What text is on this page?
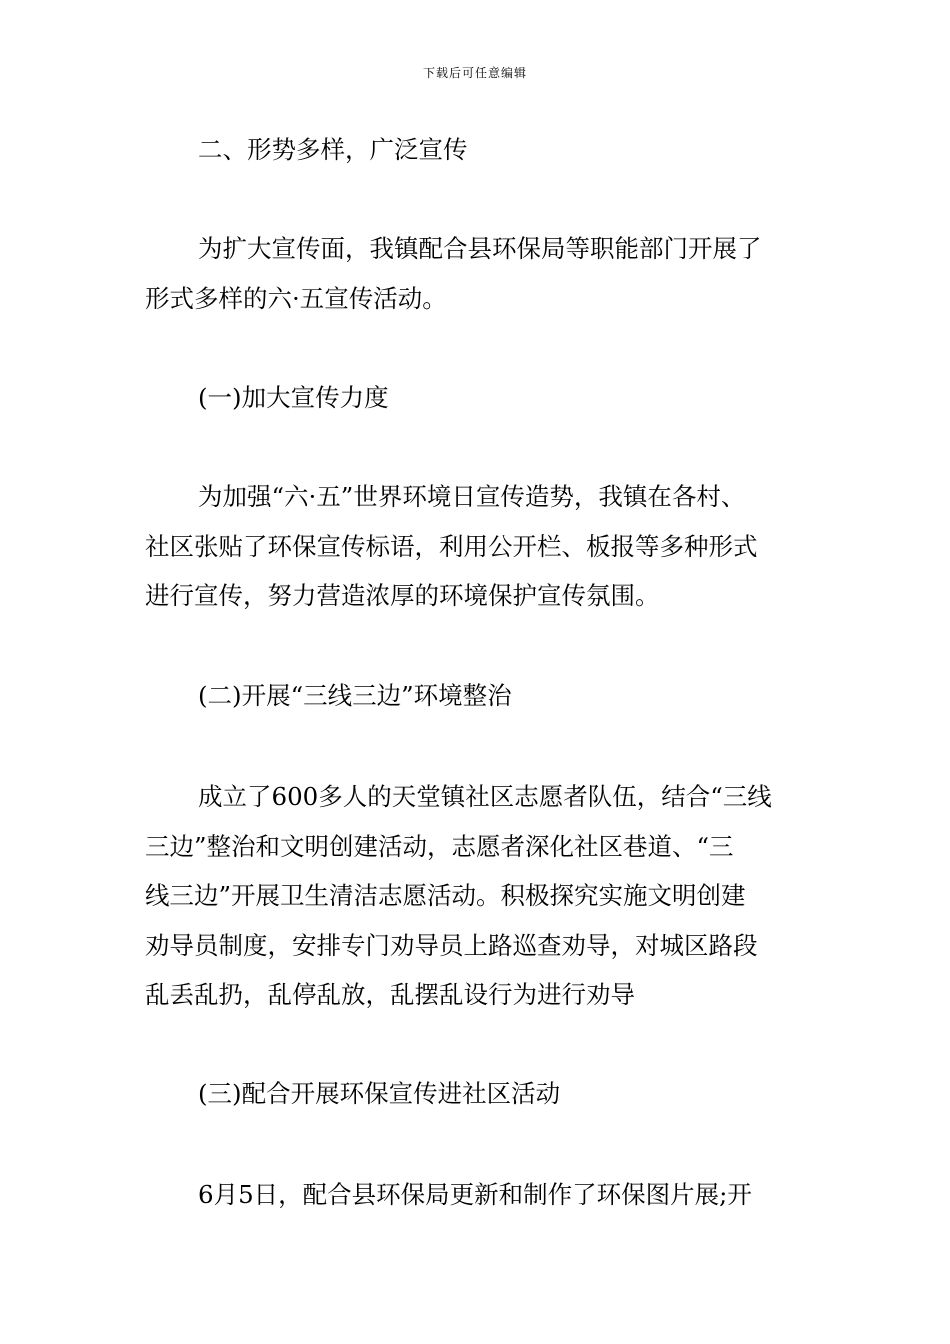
下载后可任意编辑

二、形势多样，广泛宣传

为扩大宣传面，我镇配合县环保局等职能部门开展了
形式多样的六·五宣传活动。

(一)加大宣传力度

为加强“六·五”世界环境日宣传造势，我镇在各村、
社区张贴了环保宣传标语，利用公开栏、板报等多种形式
进行宣传，努力营造浓厚的环境保护宣传氛围。

(二)开展“三线三边”环境整治

成立了600多人的天堂镇社区志愿者队伍，结合“三线
三边”整治和文明创建活动，志愿者深化社区巷道、“三
线三边”开展卫生清洁志愿活动。积极探究实施文明创建
劝导员制度，安排专门劝导员上路巡查劝导，对城区路段
乱丢乱扔，乱停乱放，乱摆乱设行为进行劝导

(三)配合开展环保宣传进社区活动

6月5日，配合县环保局更新和制作了环保图片展;开
